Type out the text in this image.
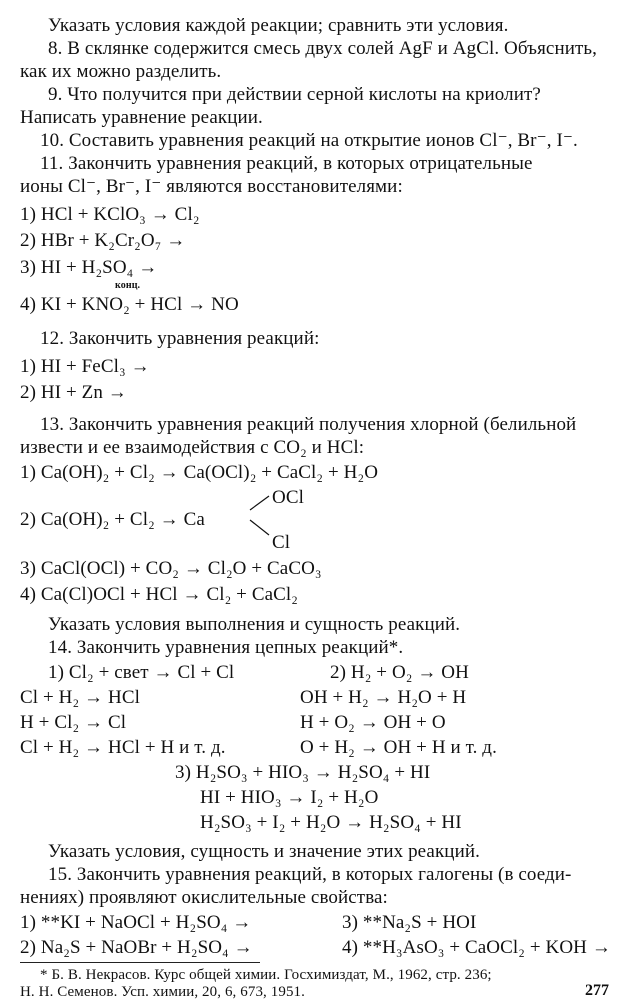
Указать условия каждой реакции; сравнить эти условия.
8. В склянке содержится смесь двух солей AgF и AgCl. Объяснить,
как их можно разделить.
9. Что получится при действии серной кислоты на криолит?
Написать уравнение реакции.
10. Составить уравнения реакций на открытие ионов Cl⁻, Br⁻, I⁻.
11. Закончить уравнения реакций, в которых отрицательные
ионы Cl⁻, Br⁻, I⁻ являются восстановителями:
1) HCl + KClO₃ → Cl₂
2) HBr + K₂Cr₂O₇ →
3) HI + H₂SO₄ →
конц.
4) KI + KNO₂ + HCl → NO
12. Закончить уравнения реакций:
1) HI + FeCl₃ →
2) HI + Zn →
13. Закончить уравнения реакций получения хлорной (белильной
извести и ее взаимодействия с CO₂ и HCl:
1) Ca(OH)₂ + Cl₂ → Ca(OCl)₂ + CaCl₂ + H₂O
OCl
2) Ca(OH)₂ + Cl₂ → Ca
Cl
3) CaCl(OCl) + CO₂ → Cl₂O + CaCO₃
4) Ca(Cl)OCl + HCl → Cl₂ + CaCl₂
Указать условия выполнения и сущность реакций.
14. Закончить уравнения цепных реакций*.
1) Cl₂ + свет → Cl + Cl	2) H₂ + O₂ → OH
Cl + H₂ → HCl	OH + H₂ → H₂O + H
H + Cl₂ → Cl	H + O₂ → OH + O
Cl + H₂ → HCl + H и т. д.	O + H₂ → OH + H и т. д.
3) H₂SO₃ + HIO₃ → H₂SO₄ + HI
HI + HIO₃ → I₂ + H₂O
H₂SO₃ + I₂ + H₂O → H₂SO₄ + HI
Указать условия, сущность и значение этих реакций.
15. Закончить уравнения реакций, в которых галогены (в соеди-
нениях) проявляют окислительные свойства:
1) **KI + NaOCl + H₂SO₄ →	3) **Na₂S + HOI
2) Na₂S + NaOBr + H₂SO₄ →	4) **H₃AsO₃ + CaOCl₂ + KOH →
* Б. В. Некрасов. Курс общей химии. Госхимиздат, М., 1962, стр. 236;
Н. Н. Семенов. Усп. химии, 20, 6, 673, 1951.	277
